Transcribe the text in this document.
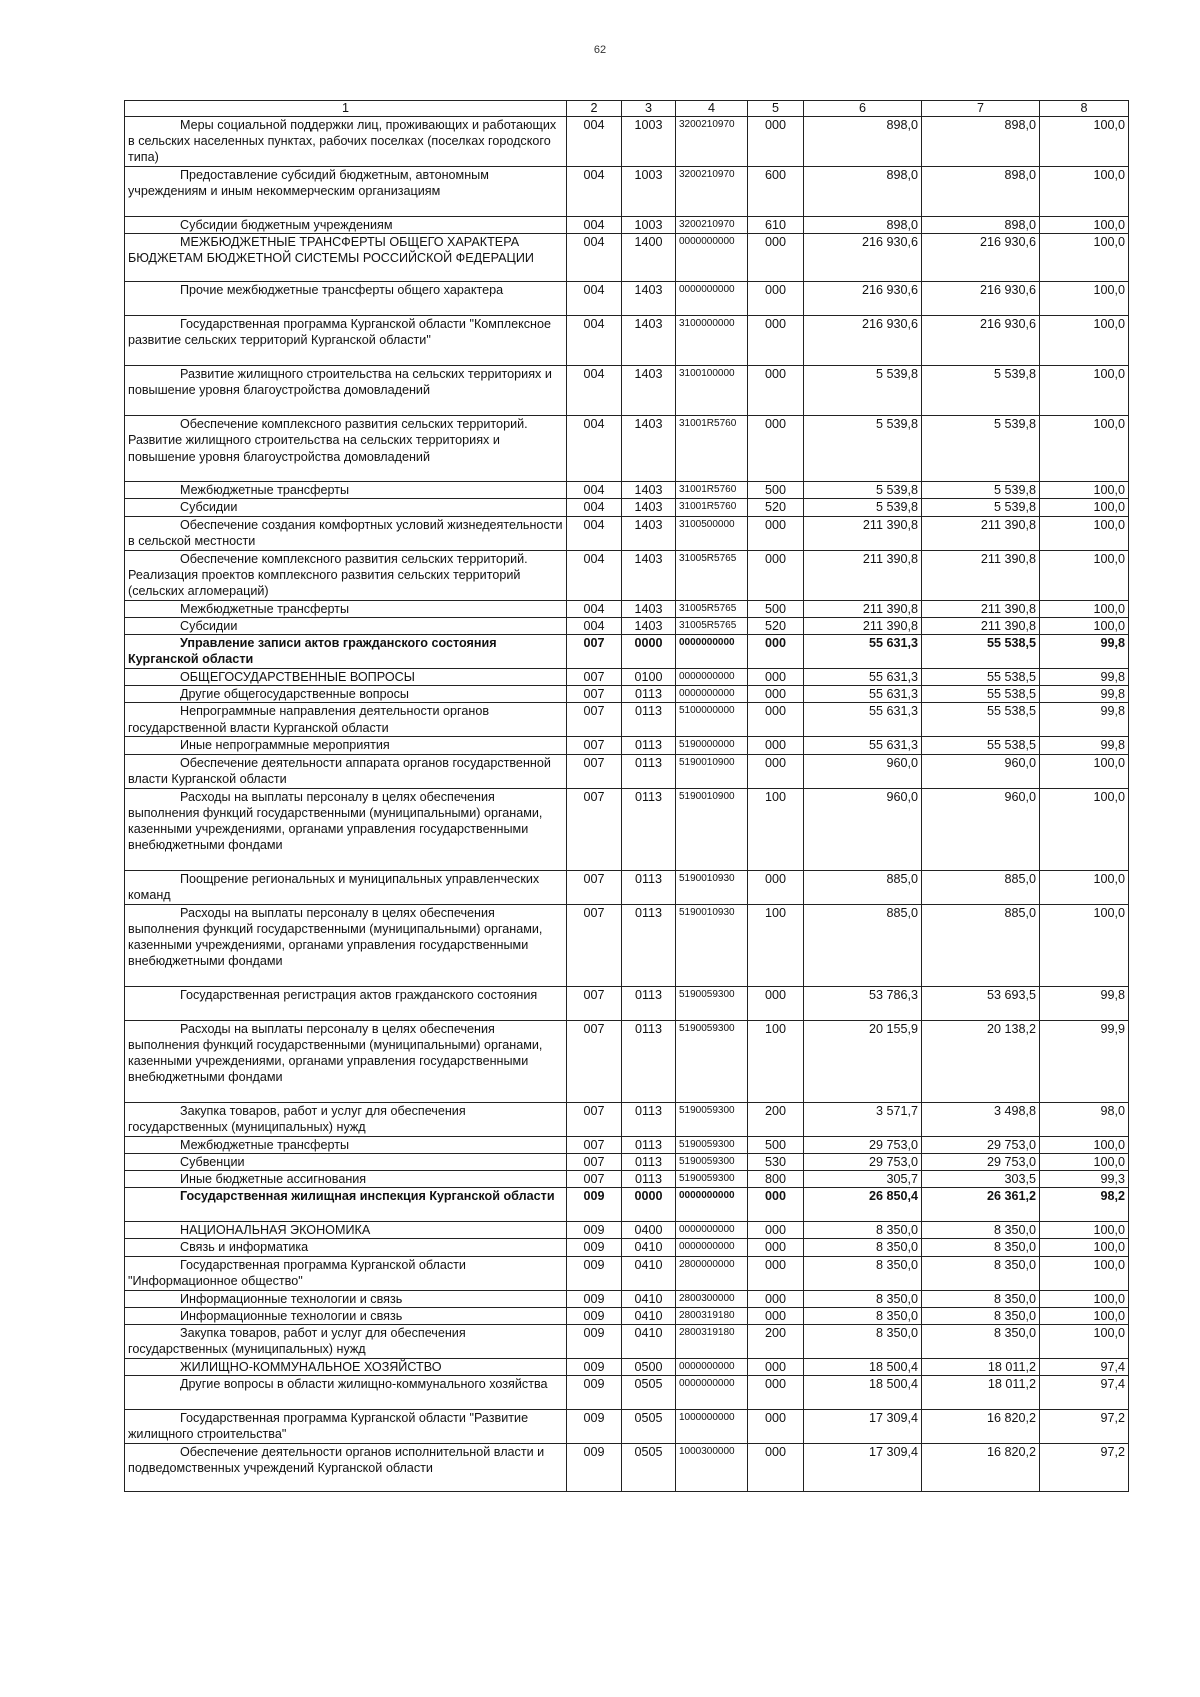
62
1	2	3	4	5	6	7	8
Меры социальной поддержки лиц, проживающих и работающих в сельских населенных пунктах, рабочих поселках (поселках городского типа)	004	1003	3200210970	000	898,0	898,0	100,0
Предоставление субсидий бюджетным, автономным учреждениям и иным некоммерческим организациям	004	1003	3200210970	600	898,0	898,0	100,0
Субсидии бюджетным учреждениям	004	1003	3200210970	610	898,0	898,0	100,0
МЕЖБЮДЖЕТНЫЕ ТРАНСФЕРТЫ ОБЩЕГО ХАРАКТЕРА БЮДЖЕТАМ БЮДЖЕТНОЙ СИСТЕМЫ РОССИЙСКОЙ ФЕДЕРАЦИИ	004	1400	0000000000	000	216 930,6	216 930,6	100,0
Прочие межбюджетные трансферты общего характера	004	1403	0000000000	000	216 930,6	216 930,6	100,0
Государственная программа Курганской области "Комплексное развитие сельских территорий Курганской области"	004	1403	3100000000	000	216 930,6	216 930,6	100,0
Развитие жилищного строительства на сельских территориях и повышение уровня благоустройства домовладений	004	1403	3100100000	000	5 539,8	5 539,8	100,0
Обеспечение комплексного развития сельских территорий. Развитие жилищного строительства на сельских территориях и повышение уровня благоустройства домовладений	004	1403	31001R5760	000	5 539,8	5 539,8	100,0
Межбюджетные трансферты	004	1403	31001R5760	500	5 539,8	5 539,8	100,0
Субсидии	004	1403	31001R5760	520	5 539,8	5 539,8	100,0
Обеспечение создания комфортных условий жизнедеятельности в сельской местности	004	1403	3100500000	000	211 390,8	211 390,8	100,0
Обеспечение комплексного развития сельских территорий. Реализация проектов комплексного развития сельских территорий (сельских агломераций)	004	1403	31005R5765	000	211 390,8	211 390,8	100,0
Межбюджетные трансферты	004	1403	31005R5765	500	211 390,8	211 390,8	100,0
Субсидии	004	1403	31005R5765	520	211 390,8	211 390,8	100,0
Управление записи актов гражданского состояния Курганской области	007	0000	0000000000	000	55 631,3	55 538,5	99,8
ОБЩЕГОСУДАРСТВЕННЫЕ ВОПРОСЫ	007	0100	0000000000	000	55 631,3	55 538,5	99,8
Другие общегосударственные вопросы	007	0113	0000000000	000	55 631,3	55 538,5	99,8
Непрограммные направления деятельности органов государственной власти Курганской области	007	0113	5100000000	000	55 631,3	55 538,5	99,8
Иные непрограммные мероприятия	007	0113	5190000000	000	55 631,3	55 538,5	99,8
Обеспечение деятельности аппарата органов государственной власти Курганской области	007	0113	5190010900	000	960,0	960,0	100,0
Расходы на выплаты персоналу в целях обеспечения выполнения функций государственными (муниципальными) органами, казенными учреждениями, органами управления государственными внебюджетными фондами	007	0113	5190010900	100	960,0	960,0	100,0
Поощрение региональных и муниципальных управленческих команд	007	0113	5190010930	000	885,0	885,0	100,0
Расходы на выплаты персоналу в целях обеспечения выполнения функций государственными (муниципальными) органами, казенными учреждениями, органами управления государственными внебюджетными фондами	007	0113	5190010930	100	885,0	885,0	100,0
Государственная регистрация актов гражданского состояния	007	0113	5190059300	000	53 786,3	53 693,5	99,8
Расходы на выплаты персоналу в целях обеспечения выполнения функций государственными (муниципальными) органами, казенными учреждениями, органами управления государственными внебюджетными фондами	007	0113	5190059300	100	20 155,9	20 138,2	99,9
Закупка товаров, работ и услуг для обеспечения государственных (муниципальных) нужд	007	0113	5190059300	200	3 571,7	3 498,8	98,0
Межбюджетные трансферты	007	0113	5190059300	500	29 753,0	29 753,0	100,0
Субвенции	007	0113	5190059300	530	29 753,0	29 753,0	100,0
Иные бюджетные ассигнования	007	0113	5190059300	800	305,7	303,5	99,3
Государственная жилищная инспекция Курганской области	009	0000	0000000000	000	26 850,4	26 361,2	98,2
НАЦИОНАЛЬНАЯ ЭКОНОМИКА	009	0400	0000000000	000	8 350,0	8 350,0	100,0
Связь и информатика	009	0410	0000000000	000	8 350,0	8 350,0	100,0
Государственная программа Курганской области "Информационное общество"	009	0410	2800000000	000	8 350,0	8 350,0	100,0
Информационные технологии и связь	009	0410	2800300000	000	8 350,0	8 350,0	100,0
Информационные технологии и связь	009	0410	2800319180	000	8 350,0	8 350,0	100,0
Закупка товаров, работ и услуг для обеспечения государственных (муниципальных) нужд	009	0410	2800319180	200	8 350,0	8 350,0	100,0
ЖИЛИЩНО-КОММУНАЛЬНОЕ ХОЗЯЙСТВО	009	0500	0000000000	000	18 500,4	18 011,2	97,4
Другие вопросы в области жилищно-коммунального хозяйства	009	0505	0000000000	000	18 500,4	18 011,2	97,4
Государственная программа Курганской области "Развитие жилищного строительства"	009	0505	1000000000	000	17 309,4	16 820,2	97,2
Обеспечение деятельности органов исполнительной власти и подведомственных учреждений Курганской области	009	0505	1000300000	000	17 309,4	16 820,2	97,2
